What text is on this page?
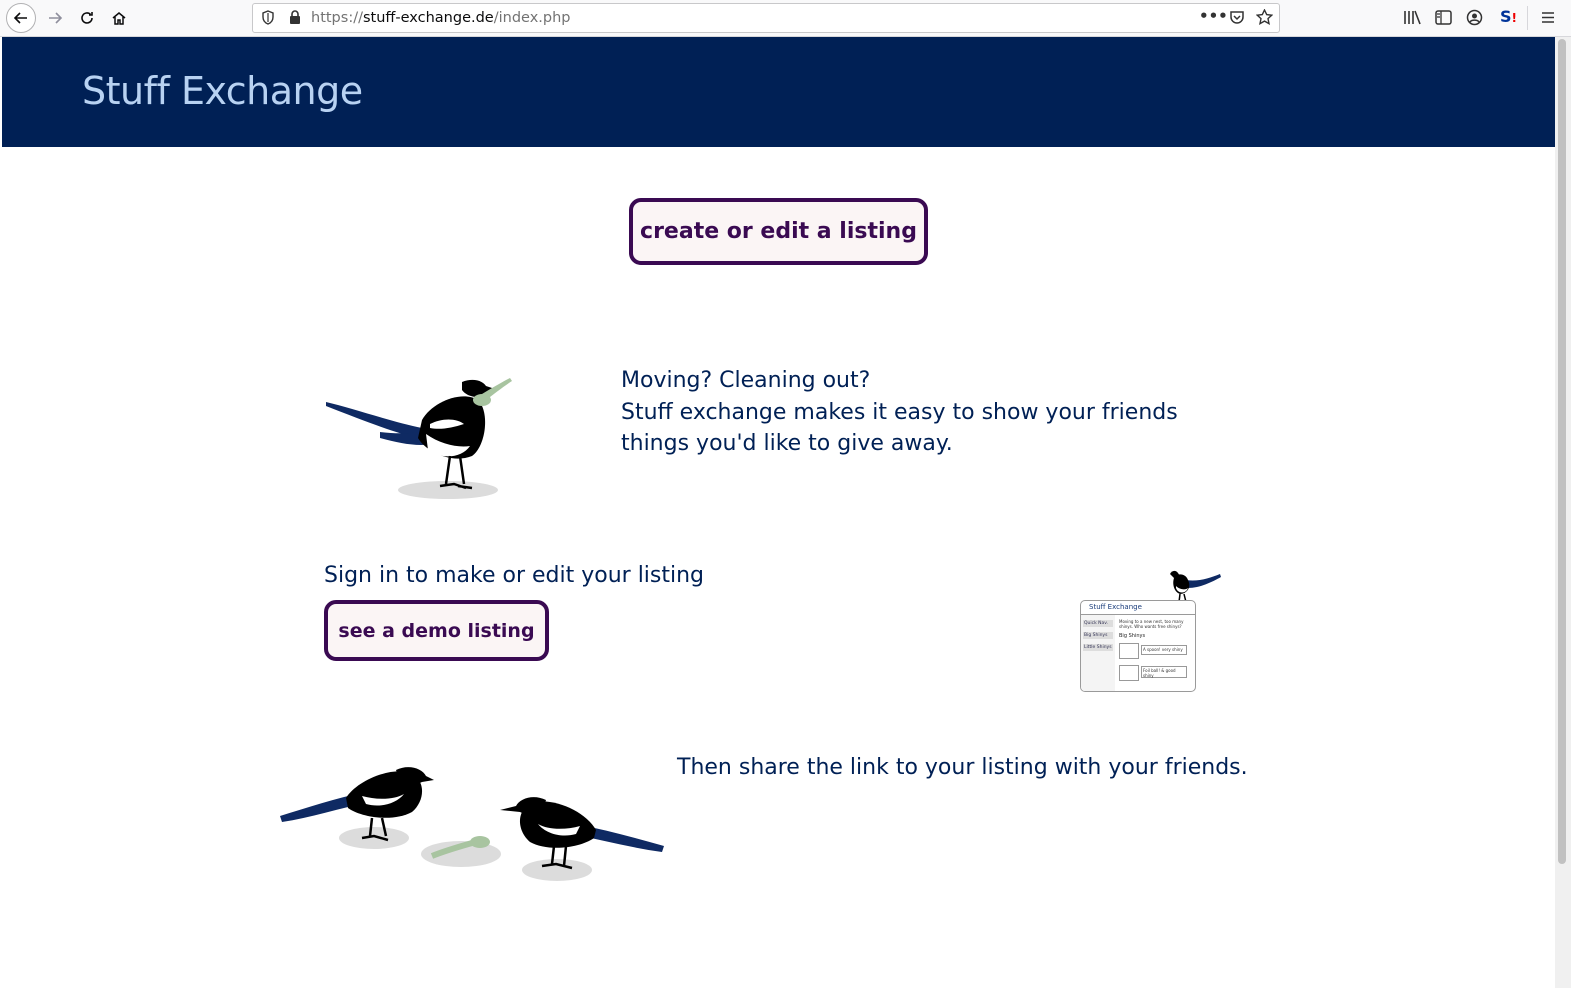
https://stuff-exchange.de/index.php	•••	S!
Stuff Exchange
create or edit a listing
Moving? Cleaning out?
Stuff exchange makes it easy to show your friends things you'd like to give away.
Sign in to make or edit your listing
see a demo listing
Stuff Exchange
Quick Nav.
Big Shinys
Little Shinys
Moving to a new nest, too many shinys. Who wants free shinys?
Big Shinys
A spoon! very shiny
Foil ball! & good shiny
Then share the link to your listing with your friends.
